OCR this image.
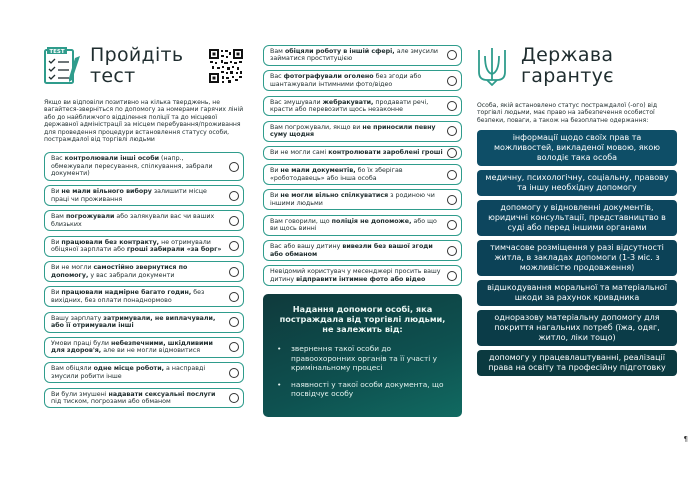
TEST Пройдіть
тест

Якщо ви відповіли позитивно на кілька тверджень, не вагайтеся-зверніться по допомогу за номерами гарячих ліній або до найближчого відділення поліції та до місцевої державної адміністрації за місцем перебування/проживання для проведення процедури встановлення статусу особи, постраждалої від торгівлі людьми

Вас контролювали інші особи (напр., обмежували пересування, спілкування, забрали документи)
Ви не мали вільного вибору залишити місце праці чи проживання
Вам погрожували або залякували вас чи ваших близьких
Ви працювали без контракту, не отримували обіцяної зарплати або гроші забирали «за борг»
Ви не могли самостійно звернутися по допомогу, у вас забрали документи
Ви працювали надмірне багато годин, без вихідних, без оплати понаднормово
Вашу зарплату затримували, не виплачували, або її отримували інші
Умови праці були небезпечними, шкідливими для здоров'я, але ви не могли відмовитися
Вам обіцяли одне місце роботи, а насправді змусили робити інше
Ви були змушені надавати сексуальні послуги під тиском, погрозами або обманом
Вам обіцяли роботу в іншій сфері, але змусили займатися проституцією
Вас фотографували оголено без згоди або шантажували інтимними фото/відео
Вас змушували жебракувати, продавати речі, красти або перевозити щось незаконне
Вам погрожували, якщо ви не приносили певну суму щодня
Ви не могли самі контролювати зароблені гроші
Ви не мали документів, бо їх зберігав «роботодавець» або інша особа
Ви не могли вільно спілкуватися з родиною чи іншими людьми
Вам говорили, що поліція не допоможе, або що ви щось винні
Вас або вашу дитину вивезли без вашої згоди або обманом
Невідомий користувач у месенджері просить вашу дитину відправити інтимне фото або відео
Надання допомоги особі, яка постраждала від торгівлі людьми, не залежить від:
• звернення такої особи до правоохоронних органів та її участі у кримінальному процесі
• наявності у такої особи документа, що посвідчує особу
Держава
гарантує

Особа, якій встановлено статус постраждалої (-ого) від торгівлі людьми, має право на забезпечення особистої безпеки, поваги, а також на безоплатне одержання:

інформації щодо своїх прав та можливостей, викладеної мовою, якою володіє така особа
медичну, психологічну, соціальну, правову та іншу необхідну допомогу
допомогу у відновленні документів, юридичні консультації, представництво в суді або перед іншими органами
тимчасове розміщення у разі відсутності житла, в закладах допомоги (1-3 міс. з можливістю продовження)
відшкодування моральної та матеріальної шкоди за рахунок кривдника
одноразову матеріальну допомогу для покриття нагальних потреб (їжа, одяг, житло, ліки тощо)
допомогу у працевлаштуванні, реалізації права на освіту та професійну підготовку
¶
